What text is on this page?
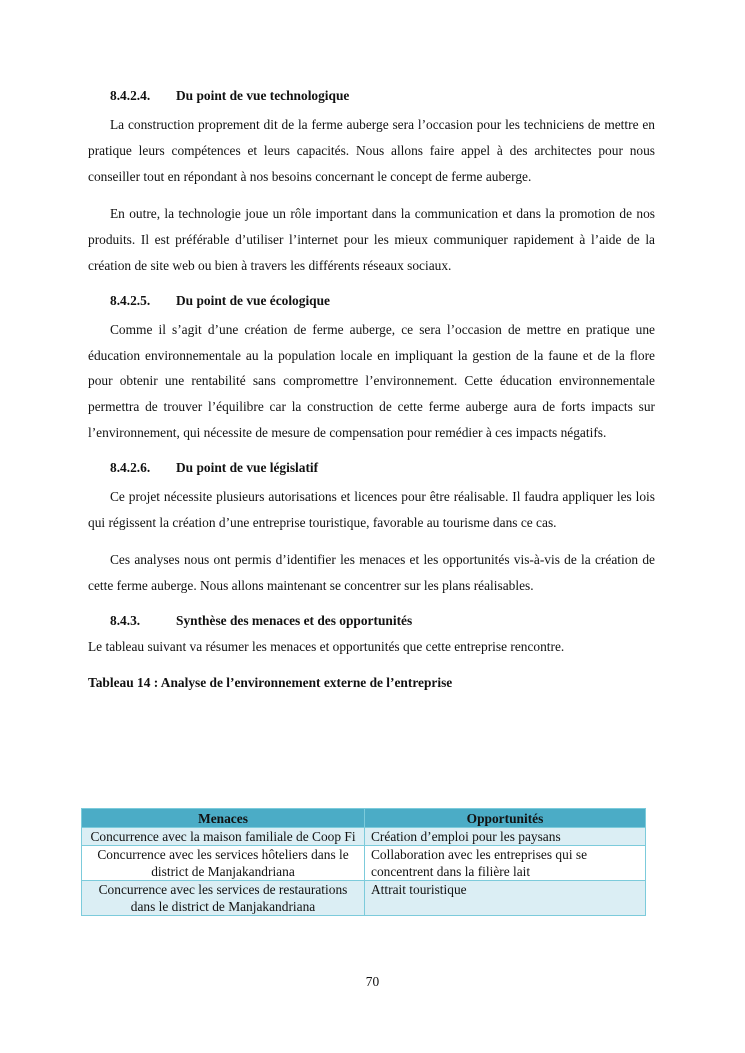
8.4.2.4. Du point de vue technologique

La construction proprement dit de la ferme auberge sera l’occasion pour les techniciens de mettre en pratique leurs compétences et leurs capacités. Nous allons faire appel à des architectes pour nous conseiller tout en répondant à nos besoins concernant le concept de ferme auberge.

En outre, la technologie joue un rôle important dans la communication et dans la promotion de nos produits. Il est préférable d’utiliser l’internet pour les mieux communiquer rapidement à l’aide de la création de site web ou bien à travers les différents réseaux sociaux.

8.4.2.5. Du point de vue écologique

Comme il s’agit d’une création de ferme auberge, ce sera l’occasion de mettre en pratique une éducation environnementale au la population locale en impliquant la gestion de la faune et de la flore pour obtenir une rentabilité sans compromettre l’environnement. Cette éducation environnementale permettra de trouver l’équilibre car la construction de cette ferme auberge aura de forts impacts sur l’environnement, qui nécessite de mesure de compensation pour remédier à ces impacts négatifs.

8.4.2.6. Du point de vue législatif

Ce projet nécessite plusieurs autorisations et licences pour être réalisable. Il faudra appliquer les lois qui régissent la création d’une entreprise touristique, favorable au tourisme dans ce cas.

Ces analyses nous ont permis d’identifier les menaces et les opportunités vis-à-vis de la création de cette ferme auberge. Nous allons maintenant se concentrer sur les plans réalisables.

8.4.3.	Synthèse des menaces et des opportunités

Le tableau suivant va résumer les menaces et opportunités que cette entreprise rencontre.

Tableau 14 : Analyse de l’environnement externe de l’entreprise

Menaces	Opportunités
Concurrence avec la maison familiale de Coop Fi	Création d’emploi pour les paysans
Concurrence avec les services hôteliers dans le district de Manjakandriana	Collaboration avec les entreprises qui se concentrent dans la filière lait
Concurrence avec les services de restaurations dans le district de Manjakandriana	Attrait touristique
70
